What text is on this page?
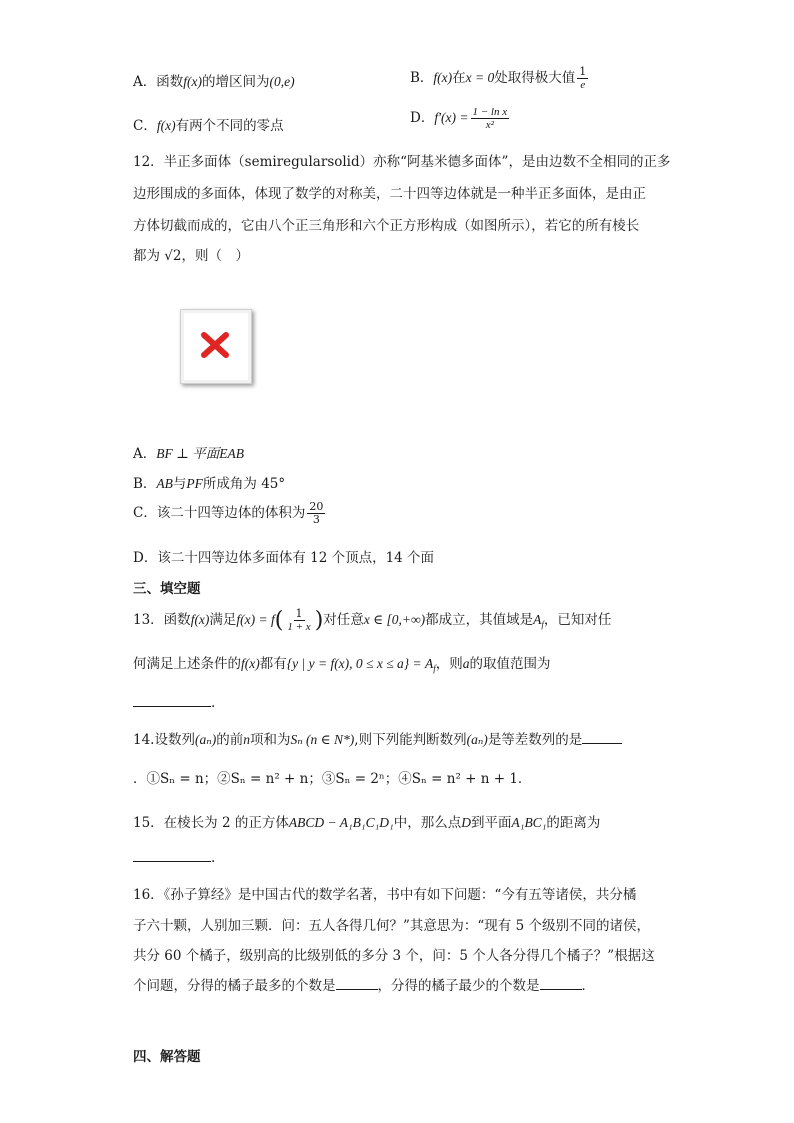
A．函数f(x)的增区间为(0,e)	B．f(x)在x = 0处取得极大值 $\frac{1}{e}$
C．f(x)有两个不同的零点	D．$f'(x) = \frac{\text{1 − ln x}}{\text{x²}}$
12．半正多面体（semiregularsolid）亦称“阿基米德多面体”，是由边数不全相同的正多
边形围成的多面体，体现了数学的对称美，二十四等边体就是一种半正多面体，是由正
方体切截而成的，它由八个正三角形和六个正方形构成（如图所示），若它的所有棱长
都为 √2，则（　）
A．BF ⊥ 平面EAB
B．AB与PF所成角为 45°
C．该二十四等边体的体积为 $\frac{20}{3}$
D．该二十四等边体多面体有 12 个顶点，14 个面
三、填空题
13．函数f(x)满足$f(x) = f( \frac{1}{1 + x}$ )对任意x ∈ [0,+∞)都成立，其值域是$A_f$，已知对任
何满足上述条件的f(x)都有{y | y = f(x), $0 \le x \le a\} = A_f$，则a的取值范围为
.
14.设数列(aₙ)的前n项和为Sₙ (n ∈ N*),则下列能判断数列(aₙ)是等差数列的是
．①Sₙ = n；②Sₙ = n² + n；③Sₙ = 2ⁿ；④Sₙ = n² + n + 1．
15．在棱长为 2 的正方体ABCD − A₁B₁C₁D₁中，那么点D到平面A₁BC₁的距离为
.
16．《孙子算经》是中国古代的数学名著，书中有如下问题：“今有五等诸侯，共分橘
子六十颗，人别加三颗．问：五人各得几何？”其意思为：“现有 5 个级别不同的诸侯，
共分 60 个橘子，级别高的比级别低的多分 3 个，问：5 个人各分得几个橘子？”根据这
个问题，分得的橘子最多的个数是	，分得的橘子最少的个数是	．
四、解答题
